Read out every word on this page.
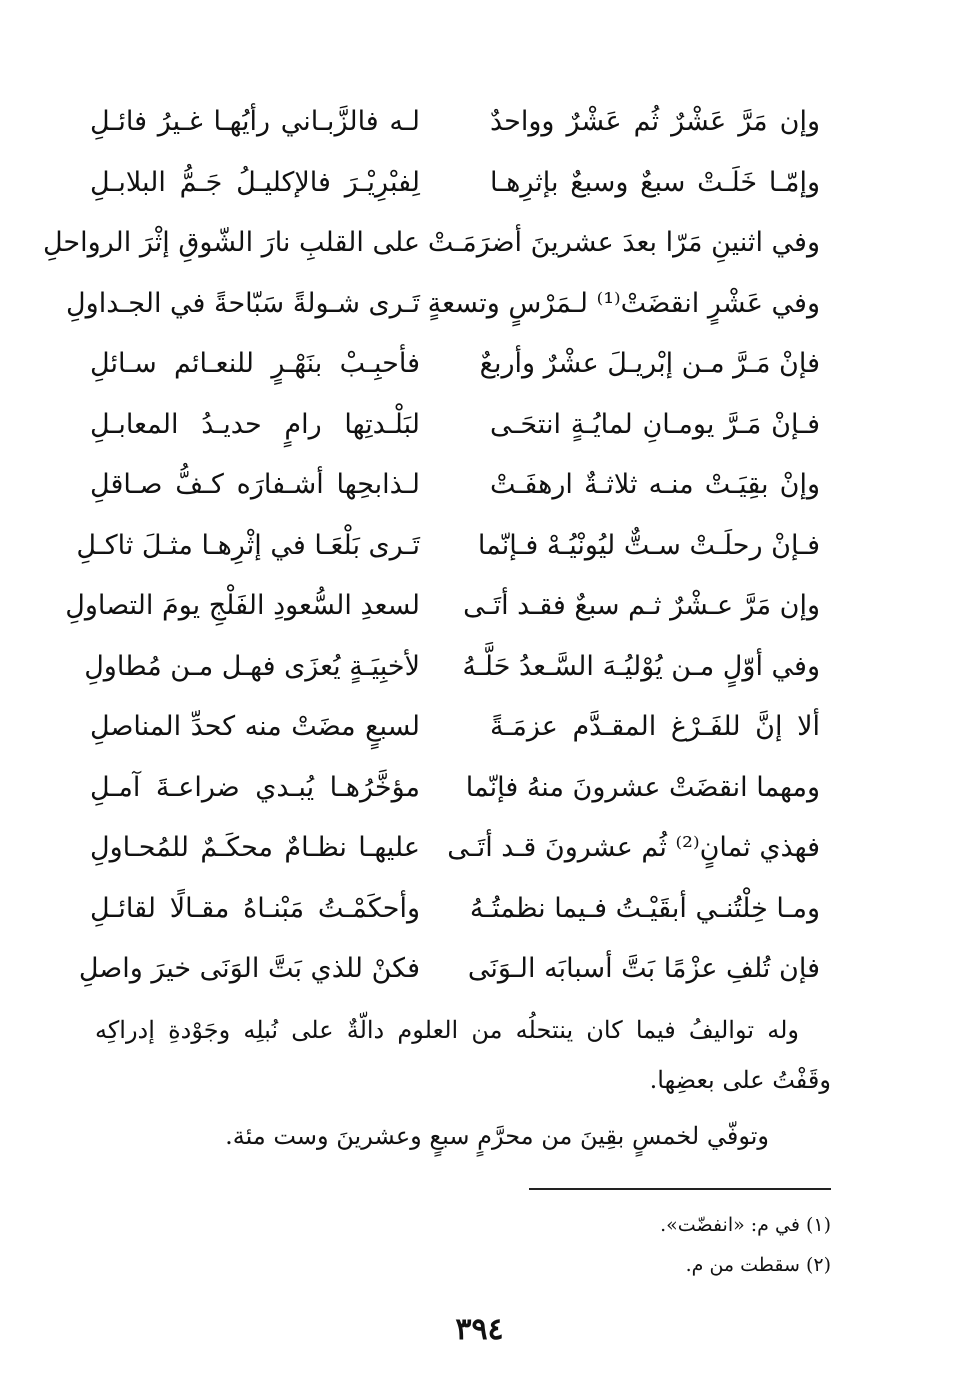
وإن مَرَّ عَشْرٌ ثُم عَشْرٌ وواحدٌ
لـه فالزَّبـاني رأيُهـا غـيرُ فائـلِ
وإمّـا خَلَـتْ سبعٌ وسبعٌ بإثرِهـا
لِفبْرِيْـرَ فالإكليـلُ جَـمُّ البلابـلِ
وفي اثنينِ مَرّا بعدَ عشرينَ أضرَمَـتْ
على القلبِ نارَ الشّوقِ إثْرَ الرواحلِ
وفي عَشْرٍ انقضَتْ⁽¹⁾ لـمَرْسٍ وتسعةٍ
تَـرى شـولةً سَبّاحةً في الجـداولِ
فإنْ مَـرَّ مـن إبْريـلَ عشْرٌ وأربعٌ
فأحبِـبْ بنَهْـرٍ للنعـائم سـائلِ
فـإنْ مَـرَّ يومـانِ لمايُـةٍ انتحَـى
لبَلْـدتِها رامٍ حديـدُ المعابـلِ
وإنْ بقِيَـتْ منـه ثلاثـةٌ ارهفَـتْ
لـذابحِها أشـفارَه كـفُّ صـاقلِ
فـإنْ رحلَـتْ سـتٌّ ليُونْيُـهْ فـإنّما
تَـرى بَلْعَـا في إثْرِهـا مثـلَ ثاكـلِ
وإن مَرَّ عـشْرٌ ثـم سبعٌ فقـد أتَـى
لسعدِ السُّعودِ الفَلْجِ يومَ التصاولِ
وفي أوّلٍ مـن يُوْليُـهَ السَّـعدُ حَلَّـهُ
لأخبِيَـةٍ يُعزَى فهـل مـن مُطاولِ
ألا إنَّ للفَـرْغ المقـدَّم عزمَـةً
لسبعٍ مضَتْ منه كحدِّ المناصلِ
ومهما انقضَتْ عشرونَ منهُ فإنّما
مؤخَّرُهـا يُبـدي ضراعـةَ آمـلِ
فهذي ثمانٍ⁽²⁾ ثُم عشرونَ قـد أتَـى
عليهـا نظـامٌ محكَـمٌ للمُحـاولِ
ومـا خِلْتُنـي أبقَيْـتُ فـيما نظمتُـهُ
وأحكَمْـتُ مَبْنـاهُ مقـالًا لقائـلِ
فإن تُلفِ عزْمًا بَتَّ أسبابَه الـوَنَى
فكنْ للذي بَتَّ الوَنَى خيرَ واصلِ

وله تواليفُ فيما كان ينتحلُه من العلوم دالّةٌ على نُبلِه وجَوْدةِ إدراكِه وقَفْتُ على بعضِها.

وتوفّي لخمسٍ بقِينَ من محرَّمٍ سبعٍ وعشرينَ وست مئة.

(١) في م: «انفضّت».
(٢) سقطت من م.
٣٩٤
